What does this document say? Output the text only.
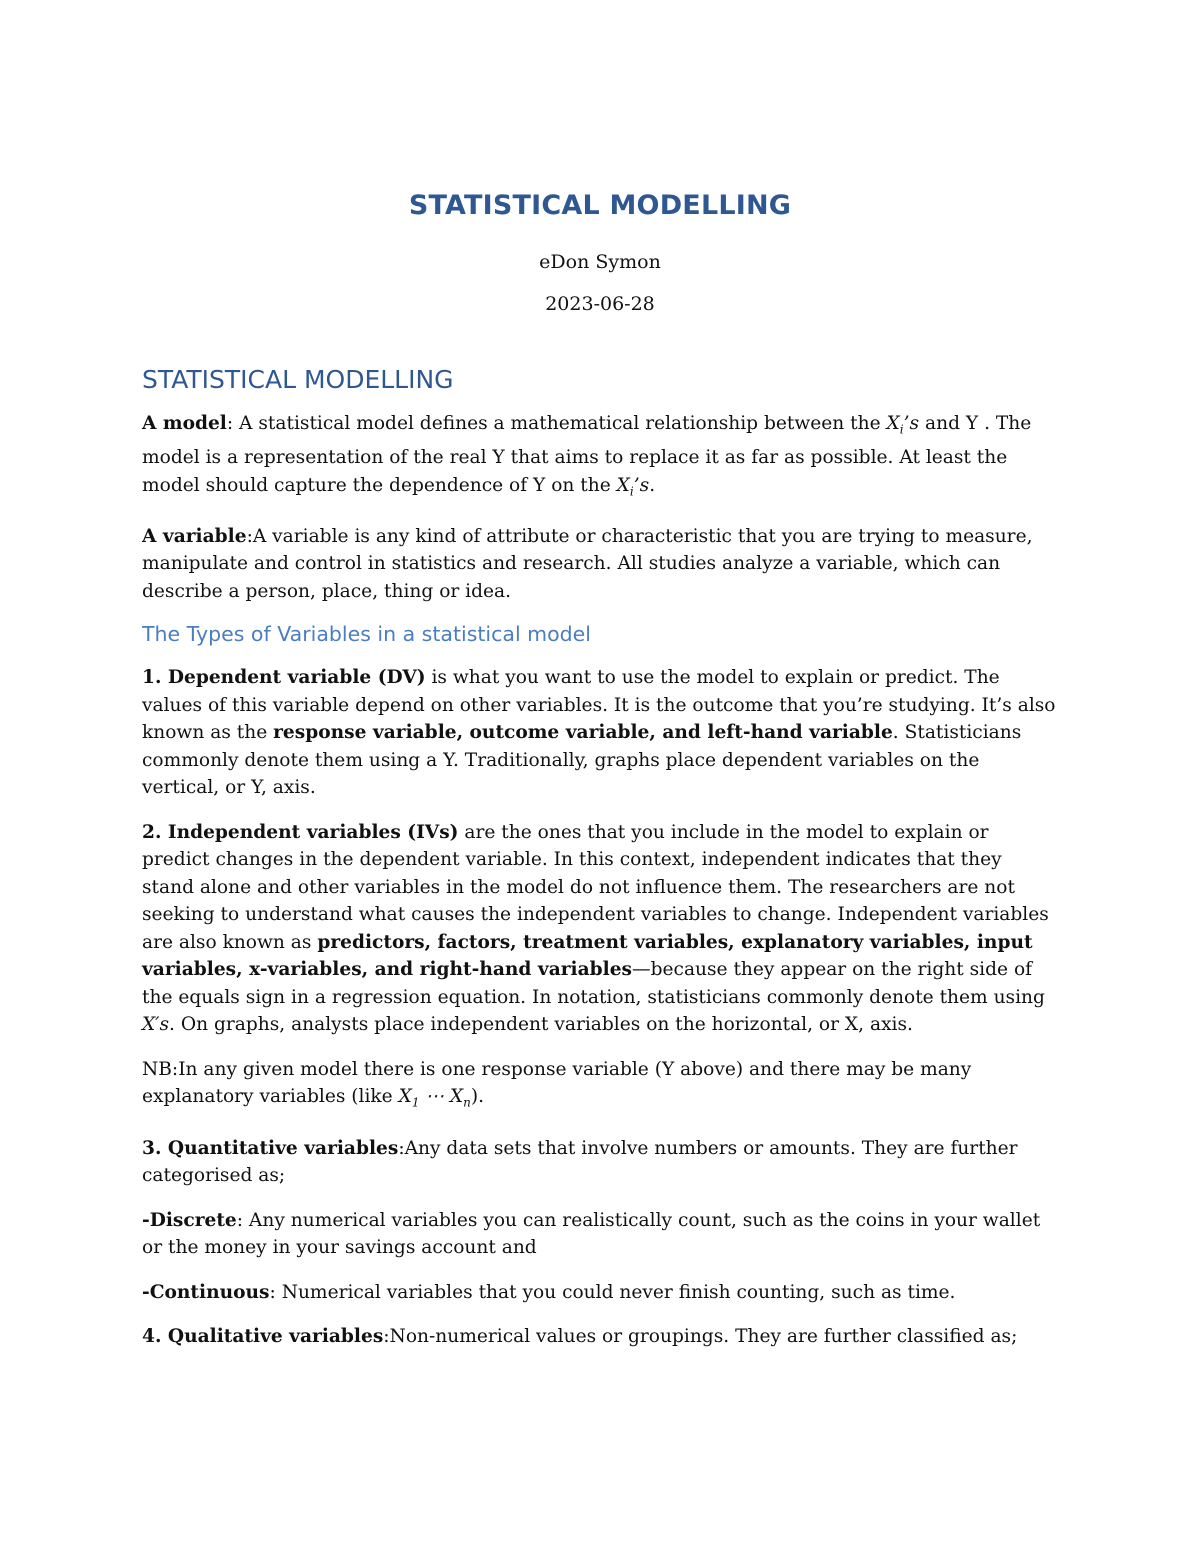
STATISTICAL MODELLING
eDon Symon
2023-06-28
STATISTICAL MODELLING

A model: A statistical model defines a mathematical relationship between the $X_i’s$ and Y . The model is a representation of the real Y that aims to replace it as far as possible. At least the model should capture the dependence of Y on the $X_i’s$.

A variable:A variable is any kind of attribute or characteristic that you are trying to measure, manipulate and control in statistics and research. All studies analyze a variable, which can describe a person, place, thing or idea.

The Types of Variables in a statistical model

1. Dependent variable (DV) is what you want to use the model to explain or predict. The values of this variable depend on other variables. It is the outcome that you’re studying. It’s also known as the response variable, outcome variable, and left-hand variable. Statisticians commonly denote them using a Y. Traditionally, graphs place dependent variables on the vertical, or Y, axis.

2. Independent variables (IVs) are the ones that you include in the model to explain or predict changes in the dependent variable. In this context, independent indicates that they stand alone and other variables in the model do not influence them. The researchers are not seeking to understand what causes the independent variables to change. Independent variables are also known as predictors, factors, treatment variables, explanatory variables, input variables, x-variables, and right-hand variables—because they appear on the right side of the equals sign in a regression equation. In notation, statisticians commonly denote them using X′s. On graphs, analysts place independent variables on the horizontal, or X, axis.

NB:In any given model there is one response variable (Y above) and there may be many explanatory variables (like $X_1$ ⋯ $X_n$).

3. Quantitative variables:Any data sets that involve numbers or amounts. They are further categorised as;

-Discrete: Any numerical variables you can realistically count, such as the coins in your wallet or the money in your savings account and

-Continuous: Numerical variables that you could never finish counting, such as time.

4. Qualitative variables:Non-numerical values or groupings. They are further classified as;
